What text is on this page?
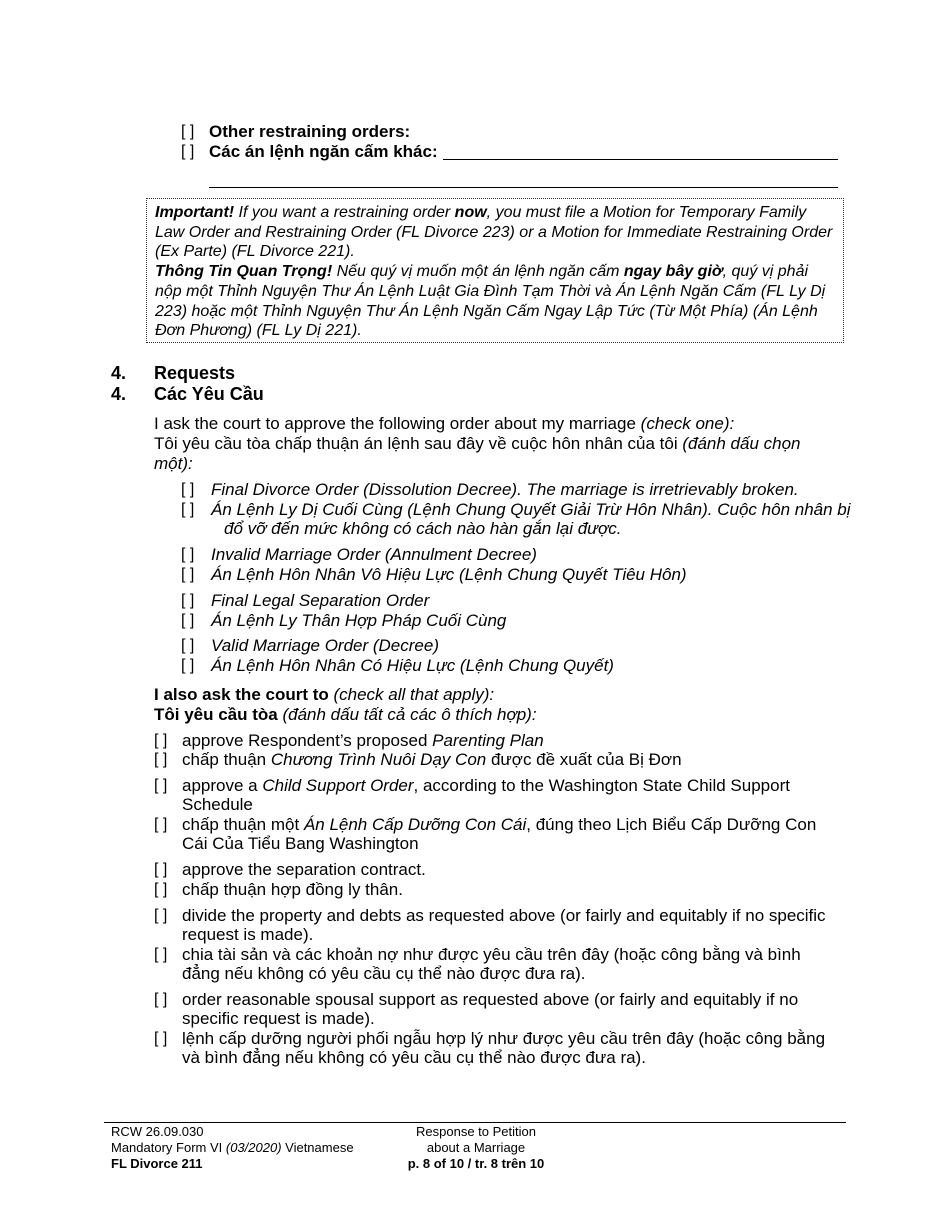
[ ] Other restraining orders:
[ ] Các án lệnh ngăn cấm khác:

Important! If you want a restraining order now, you must file a Motion for Temporary Family Law Order and Restraining Order (FL Divorce 223) or a Motion for Immediate Restraining Order (Ex Parte) (FL Divorce 221).

Thông Tin Quan Trọng! Nếu quý vị muốn một án lệnh ngăn cấm ngay bây giờ, quý vị phải nộp một Thỉnh Nguyện Thư Án Lệnh Luật Gia Đình Tạm Thời và Án Lệnh Ngăn Cấm (FL Ly Dị 223) hoặc một Thỉnh Nguyện Thư Án Lệnh Ngăn Cấm Ngay Lập Tức (Từ Một Phía) (Án Lệnh Đơn Phương) (FL Ly Dị 221).

4. Requests
4. Các Yêu Cầu
I ask the court to approve the following order about my marriage (check one):
Tôi yêu cầu tòa chấp thuận án lệnh sau đây về cuộc hôn nhân của tôi (đánh dấu chọn
một):
[ ] Final Divorce Order (Dissolution Decree). The marriage is irretrievably broken.
[ ] Án Lệnh Ly Dị Cuối Cùng (Lệnh Chung Quyết Giải Trừ Hôn Nhân). Cuộc hôn nhân bị
đổ vỡ đến mức không có cách nào hàn gắn lại được.
[ ] Invalid Marriage Order (Annulment Decree)
[ ] Án Lệnh Hôn Nhân Vô Hiệu Lực (Lệnh Chung Quyết Tiêu Hôn)
[ ] Final Legal Separation Order
[ ] Án Lệnh Ly Thân Hợp Pháp Cuối Cùng
[ ] Valid Marriage Order (Decree)
[ ] Án Lệnh Hôn Nhân Có Hiệu Lực (Lệnh Chung Quyết)
I also ask the court to (check all that apply):
Tôi yêu cầu tòa (đánh dấu tất cả các ô thích hợp):
[ ] approve Respondent’s proposed Parenting Plan
[ ] chấp thuận Chương Trình Nuôi Dạy Con được đề xuất của Bị Đơn
[ ] approve a Child Support Order, according to the Washington State Child Support
Schedule
[ ] chấp thuận một Án Lệnh Cấp Dưỡng Con Cái, đúng theo Lịch Biểu Cấp Dưỡng Con
Cái Của Tiểu Bang Washington
[ ] approve the separation contract.
[ ] chấp thuận hợp đồng ly thân.
[ ] divide the property and debts as requested above (or fairly and equitably if no specific
request is made).
[ ] chia tài sản và các khoản nợ như được yêu cầu trên đây (hoặc công bằng và bình
đẳng nếu không có yêu cầu cụ thể nào được đưa ra).
[ ] order reasonable spousal support as requested above (or fairly and equitably if no
specific request is made).
[ ] lệnh cấp dưỡng người phối ngẫu hợp lý như được yêu cầu trên đây (hoặc công bằng
và bình đẳng nếu không có yêu cầu cụ thể nào được đưa ra).
RCW 26.09.030
Mandatory Form VI (03/2020) Vietnamese
FL Divorce 211
Response to Petition
about a Marriage
p. 8 of 10 / tr. 8 trên 10
